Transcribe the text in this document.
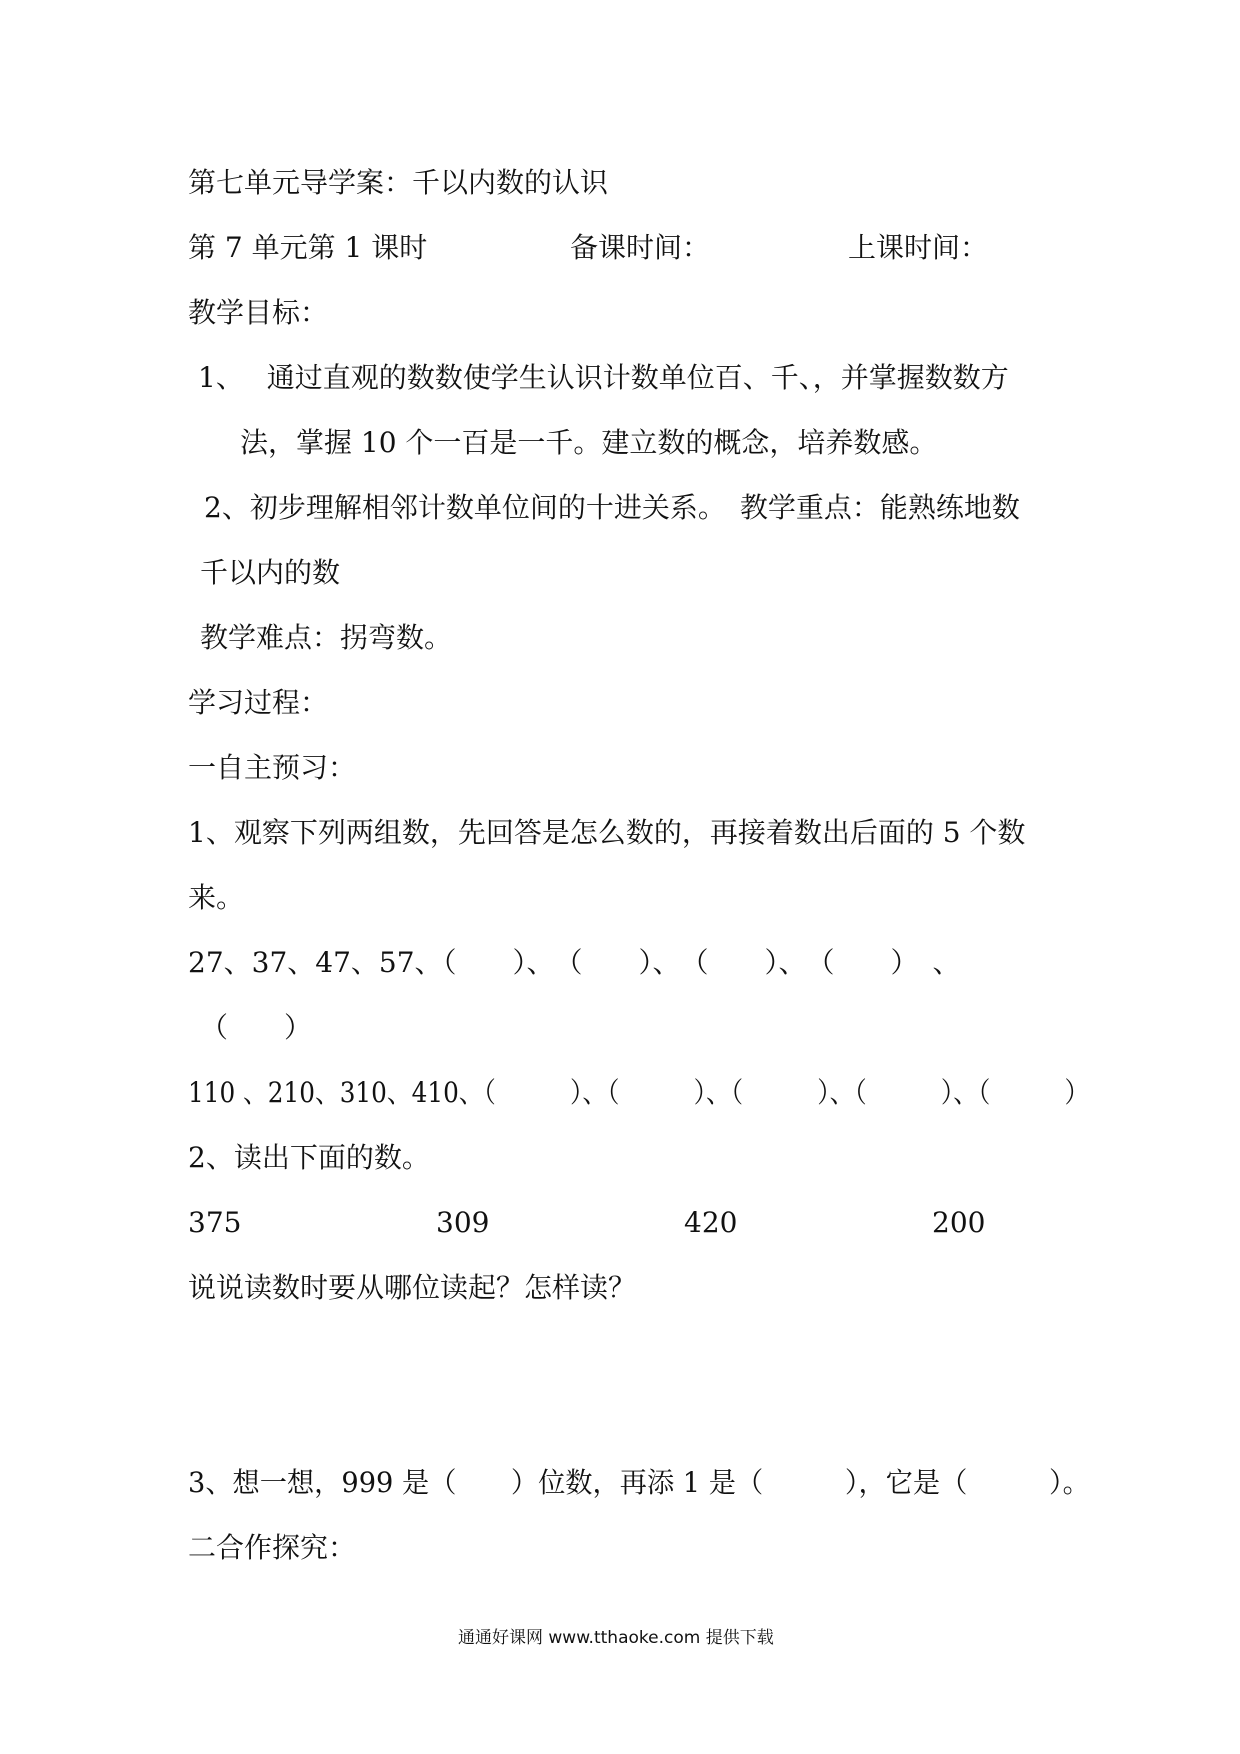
第七单元导学案：千以内数的认识
第 7 单元第 1 课时	备课时间：	上课时间：
教学目标：
1、　 通过直观的数数使学生认识计数单位百、千、，并掌握数数方
法，掌握 10 个一百是一千。建立数的概念，培养数感。
2、初步理解相邻计数单位间的十进关系。　教学重点：能熟练地数
千以内的数
教学难点：拐弯数。
学习过程：
一自主预习：
1、观察下列两组数，先回答是怎么数的，再接着数出后面的 5 个数
来。
27、37、47、57、（　　）、　（　　）、　（　　）、　（　　）　、
（　　）
110 、210、310、410、（　　　）、（　　　）、（　　　）、（　　　）、（　　　）
2、读出下面的数。
375	309	420	200
说说读数时要从哪位读起？怎样读？
3、想一想，999 是（　　）位数，再添 1 是（　　　），它是（　　　）。
二合作探究：
通通好课网 www.tthaoke.com 提供下载
